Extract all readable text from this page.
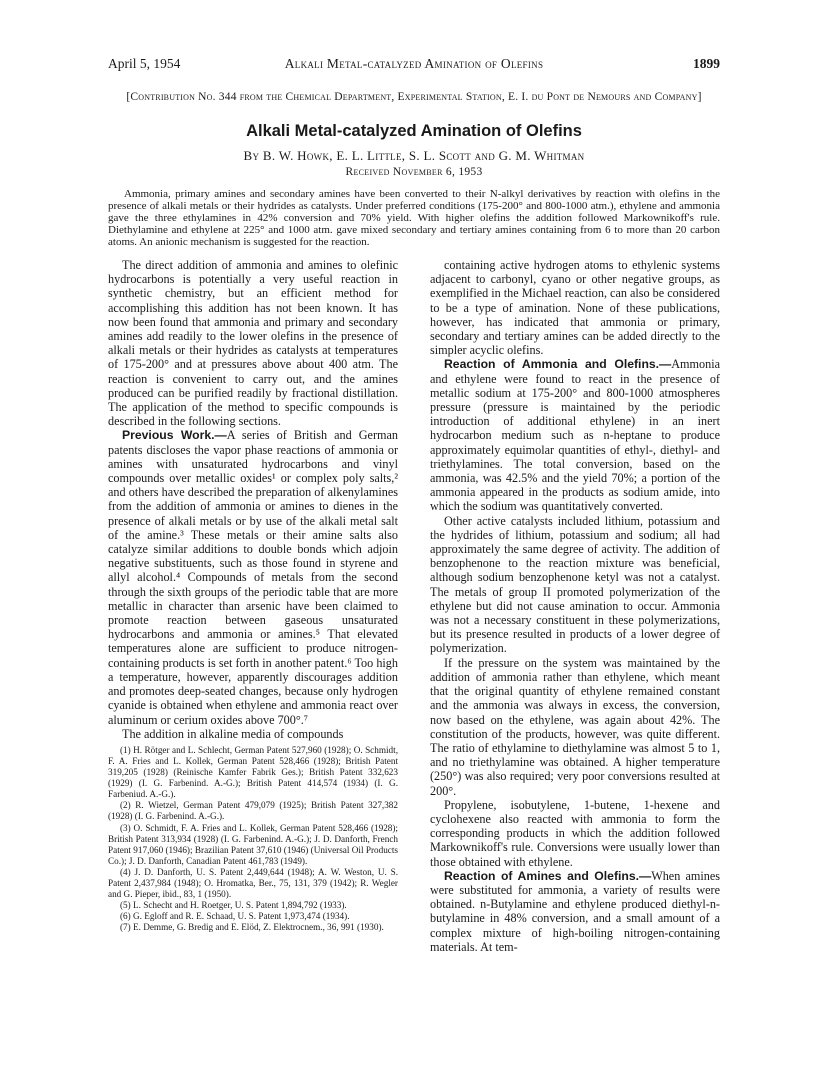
April 5, 1954	Alkali Metal-catalyzed Amination of Olefins	1899
[Contribution No. 344 from the Chemical Department, Experimental Station, E. I. du Pont de Nemours and Company]
Alkali Metal-catalyzed Amination of Olefins
By B. W. Howk, E. L. Little, S. L. Scott and G. M. Whitman
Received November 6, 1953

Ammonia, primary amines and secondary amines have been converted to their N-alkyl derivatives by reaction with olefins in the presence of alkali metals or their hydrides as catalysts. Under preferred conditions (175-200° and 800-1000 atm.), ethylene and ammonia gave the three ethylamines in 42% conversion and 70% yield. With higher olefins the addition followed Markownikoff's rule. Diethylamine and ethylene at 225° and 1000 atm. gave mixed secondary and tertiary amines containing from 6 to more than 20 carbon atoms. An anionic mechanism is suggested for the reaction.

The direct addition of ammonia and amines to olefinic hydrocarbons is potentially a very useful reaction in synthetic chemistry, but an efficient method for accomplishing this addition has not been known. It has now been found that ammonia and primary and secondary amines add readily to the lower olefins in the presence of alkali metals or their hydrides as catalysts at temperatures of 175-200° and at pressures above about 400 atm. The reaction is convenient to carry out, and the amines produced can be purified readily by fractional distillation. The application of the method to specific compounds is described in the following sections.

Previous Work.—A series of British and German patents discloses the vapor phase reactions of ammonia or amines with unsaturated hydrocarbons and vinyl compounds over metallic oxides¹ or complex poly salts,² and others have described the preparation of alkenylamines from the addition of ammonia or amines to dienes in the presence of alkali metals or by use of the alkali metal salt of the amine.³ These metals or their amine salts also catalyze similar additions to double bonds which adjoin negative substituents, such as those found in styrene and allyl alcohol.⁴ Compounds of metals from the second through the sixth groups of the periodic table that are more metallic in character than arsenic have been claimed to promote reaction between gaseous unsaturated hydrocarbons and ammonia or amines.⁵ That elevated temperatures alone are sufficient to produce nitrogen-containing products is set forth in another patent.⁶ Too high a temperature, however, apparently discourages addition and promotes deep-seated changes, because only hydrogen cyanide is obtained when ethylene and ammonia react over aluminum or cerium oxides above 700°.⁷

The addition in alkaline media of compounds

(1) H. Rötger and L. Schlecht, German Patent 527,960 (1928); O. Schmidt, F. A. Fries and L. Kollek, German Patent 528,466 (1928); British Patent 319,205 (1928) (Reinische Kamfer Fabrik Ges.); British Patent 332,623 (1929) (I. G. Farbenind. A.-G.); British Patent 414,574 (1934) (I. G. Farbeniud. A.-G.).

(2) R. Wietzel, German Patent 479,079 (1925); British Patent 327,382 (1928) (I. G. Farbenind. A.-G.).

(3) O. Schmidt, F. A. Fries and L. Kollek, German Patent 528,466 (1928); British Patent 313,934 (1928) (I. G. Farbenind. A.-G.); J. D. Danforth, French Patent 917,060 (1946); Brazilian Patent 37,610 (1946) (Universal Oil Products Co.); J. D. Danforth, Canadian Patent 461,783 (1949).

(4) J. D. Danforth, U. S. Patent 2,449,644 (1948); A. W. Weston, U. S. Patent 2,437,984 (1948); O. Hromatka, Ber., 75, 131, 379 (1942); R. Wegler and G. Pieper, ibid., 83, 1 (1950).

(5) L. Schecht and H. Roetger, U. S. Patent 1,894,792 (1933).

(6) G. Egloff and R. E. Schaad, U. S. Patent 1,973,474 (1934).

(7) E. Demme, G. Bredig and E. Elöd, Z. Elektrocnem., 36, 991 (1930).

containing active hydrogen atoms to ethylenic systems adjacent to carbonyl, cyano or other negative groups, as exemplified in the Michael reaction, can also be considered to be a type of amination. None of these publications, however, has indicated that ammonia or primary, secondary and tertiary amines can be added directly to the simpler acyclic olefins.

Reaction of Ammonia and Olefins.—Ammonia and ethylene were found to react in the presence of metallic sodium at 175-200° and 800-1000 atmospheres pressure (pressure is maintained by the periodic introduction of additional ethylene) in an inert hydrocarbon medium such as n-heptane to produce approximately equimolar quantities of ethyl-, diethyl- and triethylamines. The total conversion, based on the ammonia, was 42.5% and the yield 70%; a portion of the ammonia appeared in the products as sodium amide, into which the sodium was quantitatively converted.

Other active catalysts included lithium, potassium and the hydrides of lithium, potassium and sodium; all had approximately the same degree of activity. The addition of benzophenone to the reaction mixture was beneficial, although sodium benzophenone ketyl was not a catalyst. The metals of group II promoted polymerization of the ethylene but did not cause amination to occur. Ammonia was not a necessary constituent in these polymerizations, but its presence resulted in products of a lower degree of polymerization.

If the pressure on the system was maintained by the addition of ammonia rather than ethylene, which meant that the original quantity of ethylene remained constant and the ammonia was always in excess, the conversion, now based on the ethylene, was again about 42%. The constitution of the products, however, was quite different. The ratio of ethylamine to diethylamine was almost 5 to 1, and no triethylamine was obtained. A higher temperature (250°) was also required; very poor conversions resulted at 200°.

Propylene, isobutylene, 1-butene, 1-hexene and cyclohexene also reacted with ammonia to form the corresponding products in which the addition followed Markownikoff's rule. Conversions were usually lower than those obtained with ethylene.

Reaction of Amines and Olefins.—When amines were substituted for ammonia, a variety of results were obtained. n-Butylamine and ethylene produced diethyl-n-butylamine in 48% conversion, and a small amount of a complex mixture of high-boiling nitrogen-containing materials. At tem-
